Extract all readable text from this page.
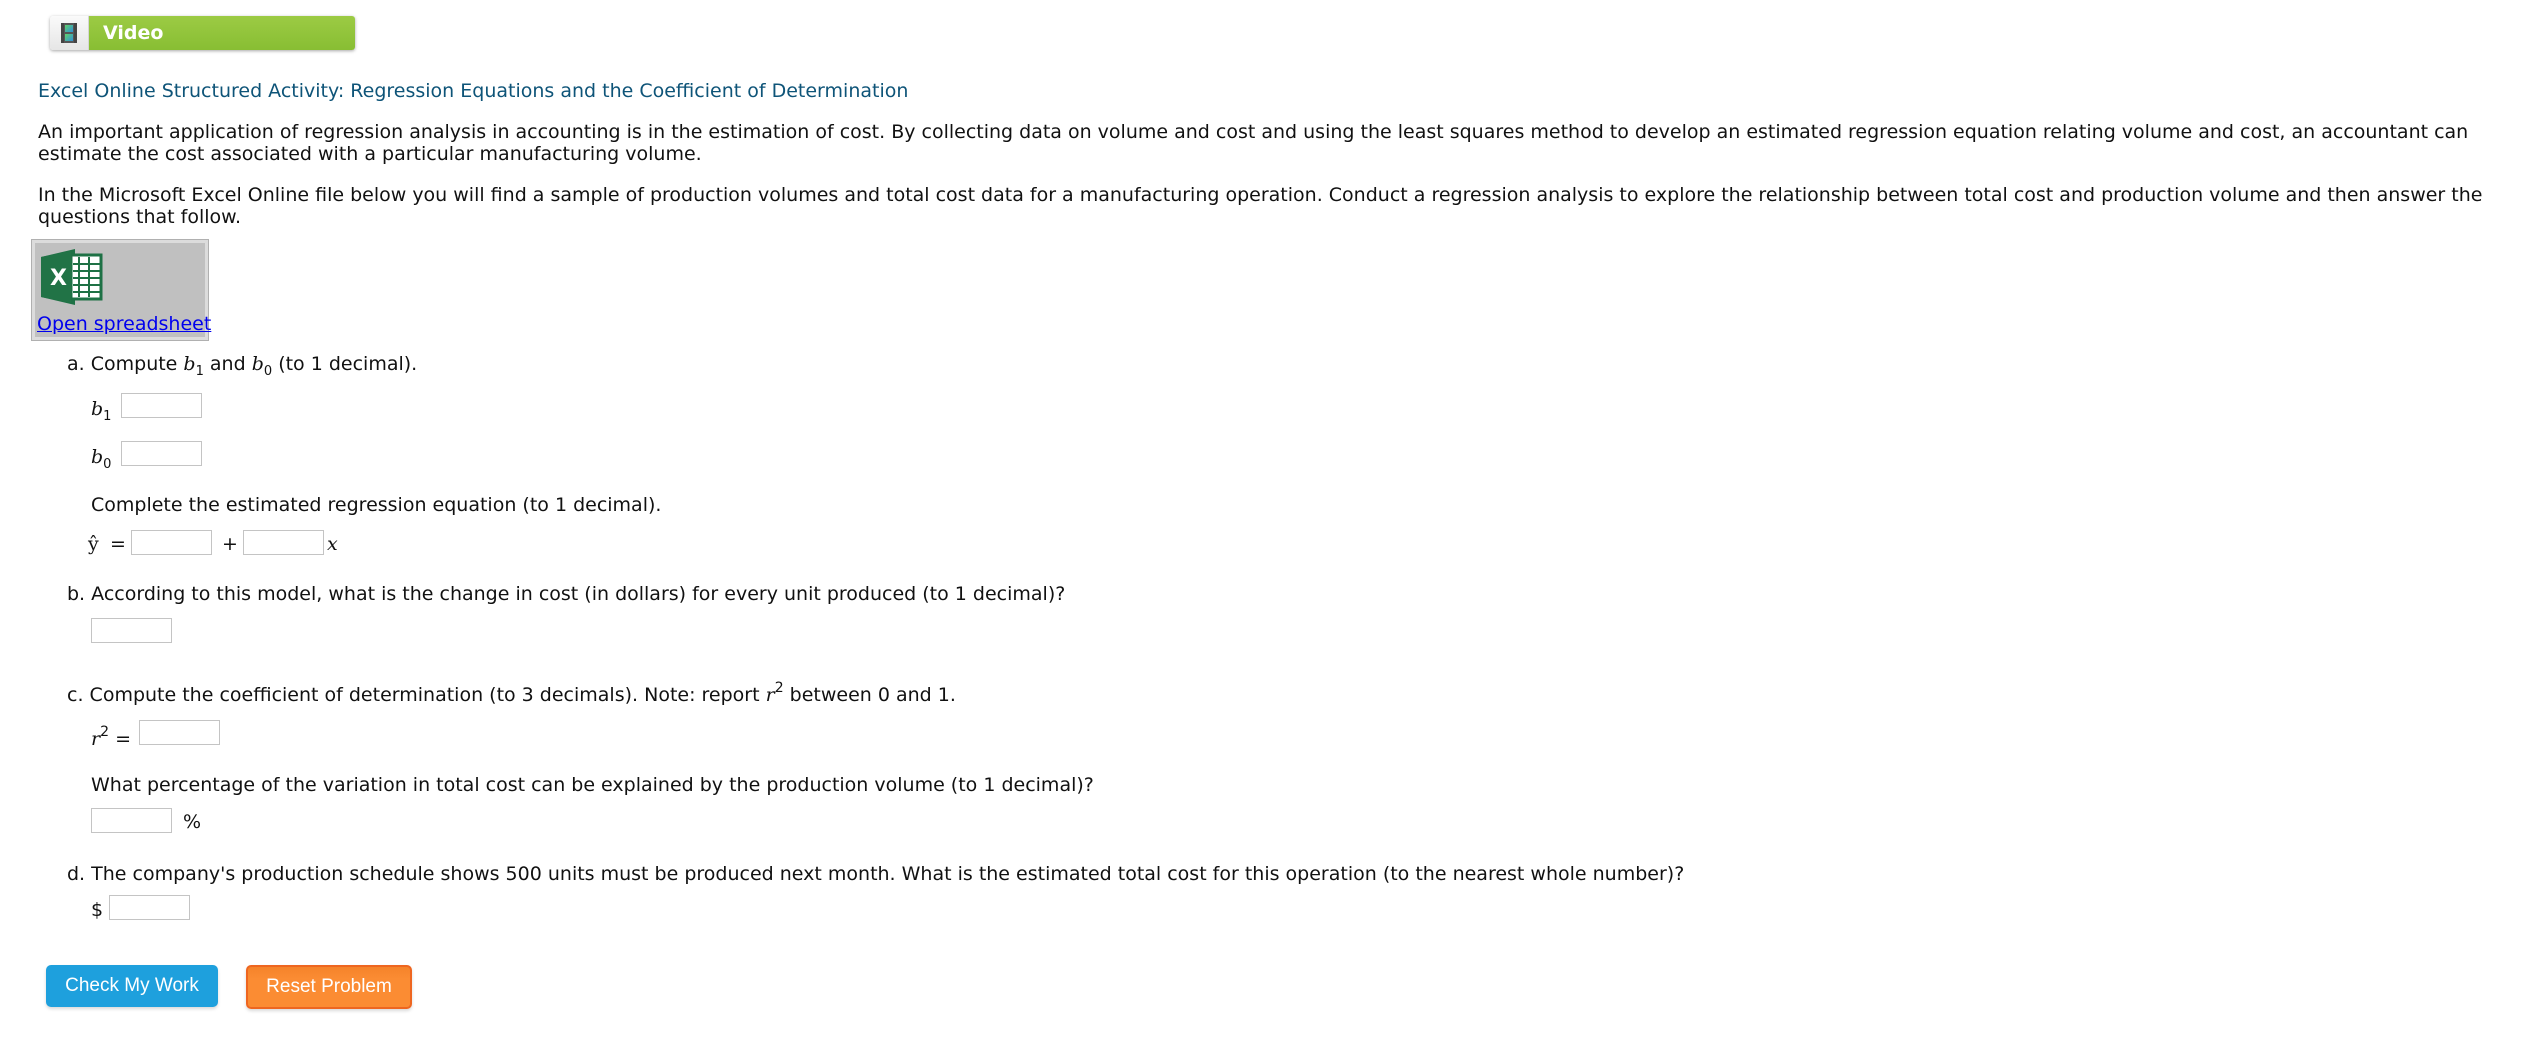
Video
Excel Online Structured Activity: Regression Equations and the Coefficient of Determination
An important application of regression analysis in accounting is in the estimation of cost. By collecting data on volume and cost and using the least squares method to develop an estimated regression equation relating volume and cost, an accountant can estimate the cost associated with a particular manufacturing volume.
In the Microsoft Excel Online file below you will find a sample of production volumes and total cost data for a manufacturing operation. Conduct a regression analysis to explore the relationship between total cost and production volume and then answer the questions that follow.
X
Open spreadsheet
a. Compute $b_1$ and $b_0$ (to 1 decimal).
$b_1$
$b_0$
Complete the estimated regression equation (to 1 decimal).
ŷ =	+	x
b. According to this model, what is the change in cost (in dollars) for every unit produced (to 1 decimal)?
c. Compute the coefficient of determination (to 3 decimals). Note: report $r^2$ between 0 and 1.
$r^2$ =
What percentage of the variation in total cost can be explained by the production volume (to 1 decimal)?
%
d. The company's production schedule shows 500 units must be produced next month. What is the estimated total cost for this operation (to the nearest whole number)?
$
Check My Work	Reset Problem
